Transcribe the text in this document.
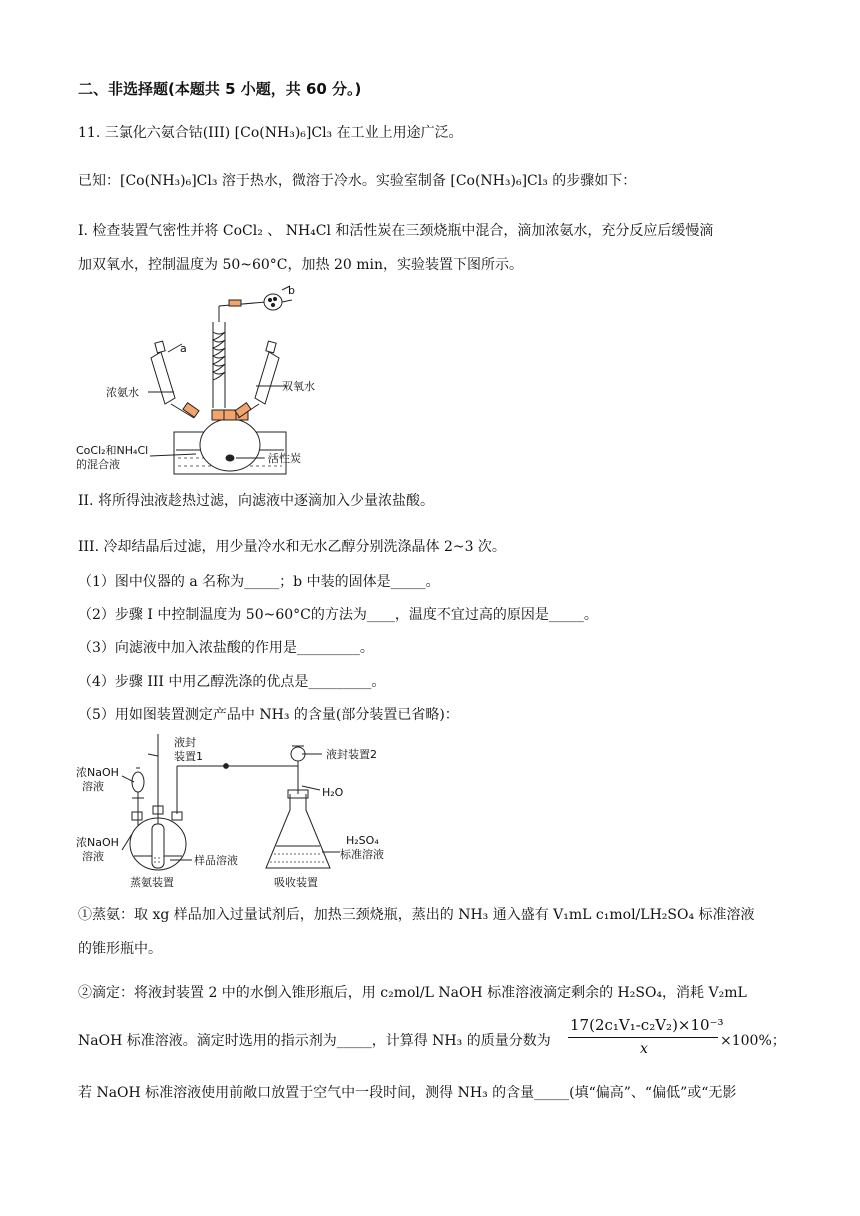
二、非选择题(本题共 5 小题，共 60 分。)
11. 三氯化六氨合钴(III) [Co(NH₃)₆]Cl₃ 在工业上用途广泛。
已知：[Co(NH₃)₆]Cl₃ 溶于热水，微溶于冷水。实验室制备 [Co(NH₃)₆]Cl₃ 的步骤如下：
I. 检查装置气密性并将 CoCl₂ 、 NH₄Cl 和活性炭在三颈烧瓶中混合，滴加浓氨水，充分反应后缓慢滴
加双氧水，控制温度为 50~60°C，加热 20 min，实验装置下图所示。
a
b
浓氨水	双氧水
CoCl₂和NH₄Cl
的混合液	活性炭
II. 将所得浊液趁热过滤，向滤液中逐滴加入少量浓盐酸。
III. 冷却结晶后过滤，用少量冷水和无水乙醇分别洗涤晶体 2~3 次。
（1）图中仪器的 a 名称为_____；b 中装的固体是_____。
（2）步骤 I 中控制温度为 50~60°C的方法为____，温度不宜过高的原因是_____。
（3）向滤液中加入浓盐酸的作用是_________。
（4）步骤 III 中用乙醇洗涤的优点是_________。
（5）用如图装置测定产品中 NH₃ 的含量(部分装置已省略)：
浓NaOH
溶液
液封
装置1
浓NaOH
溶液	样品溶液
蒸氨装置
液封装置2
H₂O
H₂SO₄
标准溶液
吸收装置
①蒸氨：取 xg 样品加入过量试剂后，加热三颈烧瓶，蒸出的 NH₃ 通入盛有 V₁mL c₁mol/LH₂SO₄ 标准溶液
的锥形瓶中。
②滴定：将液封装置 2 中的水倒入锥形瓶后，用 c₂mol/L NaOH 标准溶液滴定剩余的 H₂SO₄，消耗 V₂mL
NaOH 标准溶液。滴定时选用的指示剂为_____，计算得 NH₃ 的质量分数为
17(2c₁V₁-c₂V₂)×10⁻³
x	×100%；
若 NaOH 标准溶液使用前敞口放置于空气中一段时间，测得 NH₃ 的含量_____(填“偏高”、“偏低”或“无影
